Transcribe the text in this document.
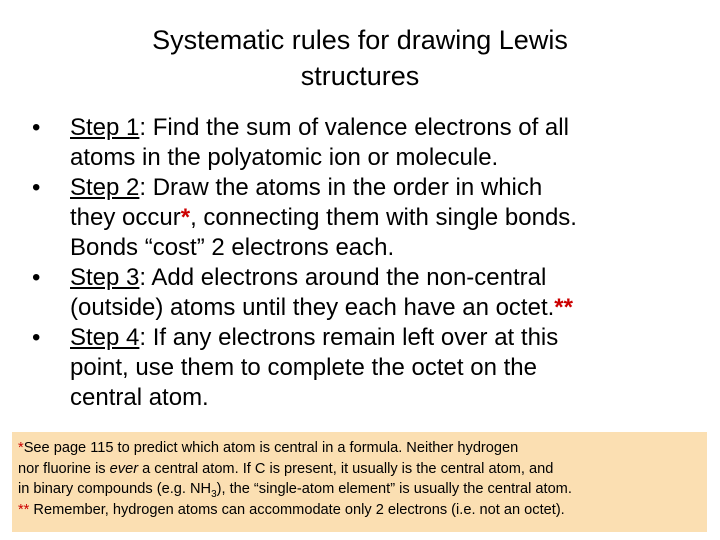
Systematic rules for drawing Lewis
structures
• Step 1: Find the sum of valence electrons of all
atoms in the polyatomic ion or molecule.
• Step 2: Draw the atoms in the order in which
they occur*, connecting them with single bonds.
Bonds “cost” 2 electrons each.
• Step 3: Add electrons around the non-central
(outside) atoms until they each have an octet.**
• Step 4: If any electrons remain left over at this
point, use them to complete the octet on the
central atom.
*See page 115 to predict which atom is central in a formula. Neither hydrogen
nor fluorine is ever a central atom. If C is present, it usually is the central atom, and
in binary compounds (e.g. $NH_3$), the “single-atom element” is usually the central atom.
** Remember, hydrogen atoms can accommodate only 2 electrons (i.e. not an octet).
